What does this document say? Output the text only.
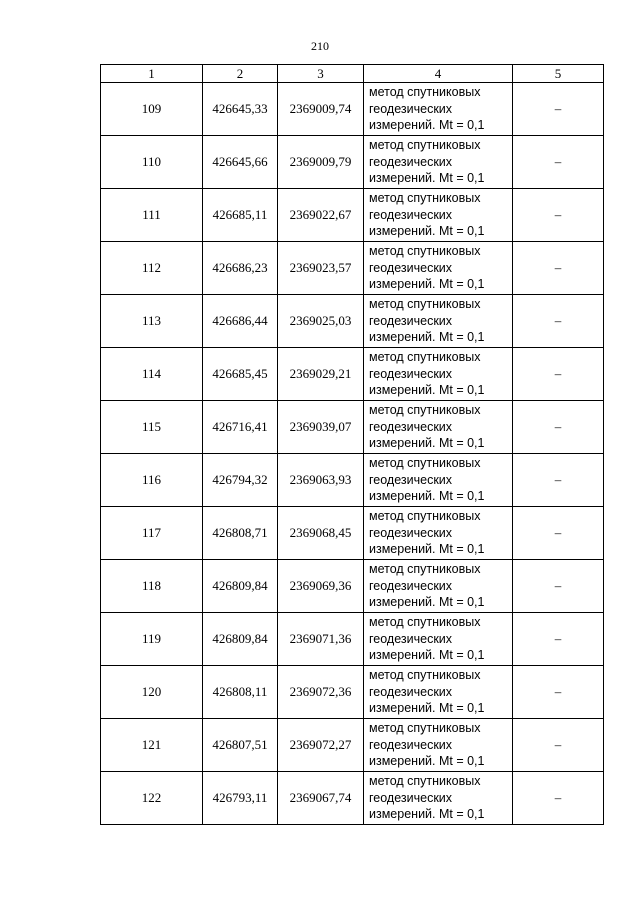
210
1	2	3	4	5
109	426645,33	2369009,74	метод спутниковых
геодезических
измерений. Mt = 0,1	–
110	426645,66	2369009,79	метод спутниковых
геодезических
измерений. Mt = 0,1	–
111	426685,11	2369022,67	метод спутниковых
геодезических
измерений. Mt = 0,1	–
112	426686,23	2369023,57	метод спутниковых
геодезических
измерений. Mt = 0,1	–
113	426686,44	2369025,03	метод спутниковых
геодезических
измерений. Mt = 0,1	–
114	426685,45	2369029,21	метод спутниковых
геодезических
измерений. Mt = 0,1	–
115	426716,41	2369039,07	метод спутниковых
геодезических
измерений. Mt = 0,1	–
116	426794,32	2369063,93	метод спутниковых
геодезических
измерений. Mt = 0,1	–
117	426808,71	2369068,45	метод спутниковых
геодезических
измерений. Mt = 0,1	–
118	426809,84	2369069,36	метод спутниковых
геодезических
измерений. Mt = 0,1	–
119	426809,84	2369071,36	метод спутниковых
геодезических
измерений. Mt = 0,1	–
120	426808,11	2369072,36	метод спутниковых
геодезических
измерений. Mt = 0,1	–
121	426807,51	2369072,27	метод спутниковых
геодезических
измерений. Mt = 0,1	–
122	426793,11	2369067,74	метод спутниковых
геодезических
измерений. Mt = 0,1	–
